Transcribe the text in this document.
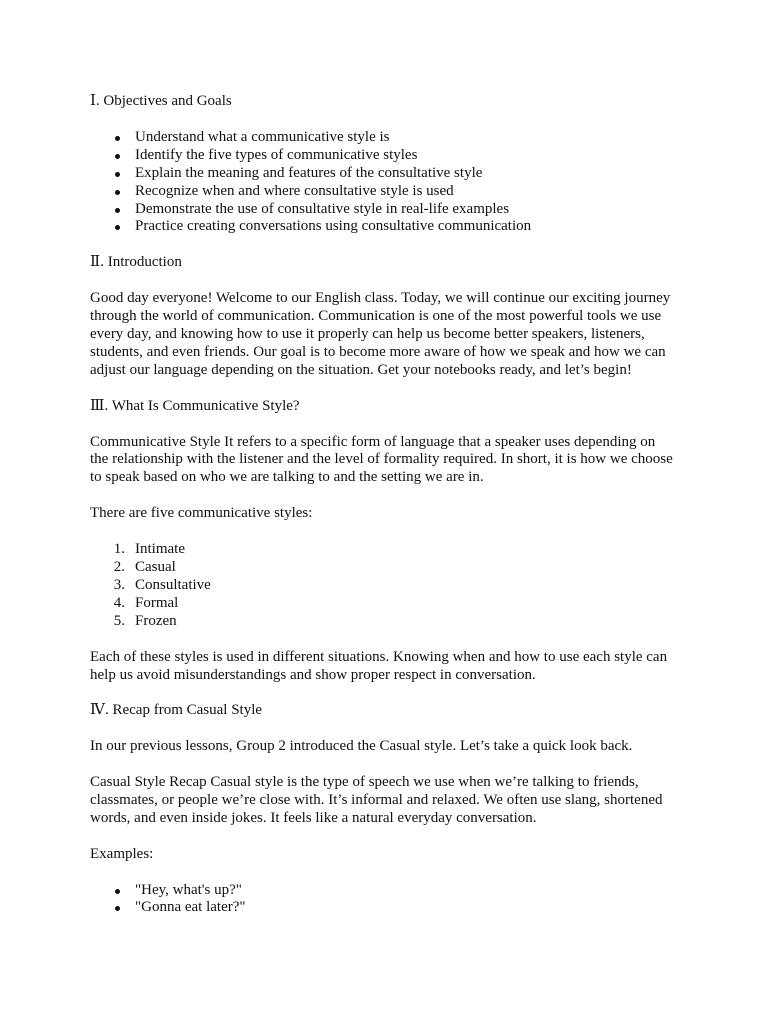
Ⅰ. Objectives and Goals
Understand what a communicative style is
Identify the five types of communicative styles
Explain the meaning and features of the consultative style
Recognize when and where consultative style is used
Demonstrate the use of consultative style in real-life examples
Practice creating conversations using consultative communication
Ⅱ. Introduction
Good day everyone! Welcome to our English class. Today, we will continue our exciting journey
through the world of communication. Communication is one of the most powerful tools we use
every day, and knowing how to use it properly can help us become better speakers, listeners,
students, and even friends. Our goal is to become more aware of how we speak and how we can
adjust our language depending on the situation. Get your notebooks ready, and let’s begin!
Ⅲ. What Is Communicative Style?
Communicative Style It refers to a specific form of language that a speaker uses depending on
the relationship with the listener and the level of formality required. In short, it is how we choose
to speak based on who we are talking to and the setting we are in.
There are five communicative styles:
1. Intimate
2. Casual
3. Consultative
4. Formal
5. Frozen
Each of these styles is used in different situations. Knowing when and how to use each style can
help us avoid misunderstandings and show proper respect in conversation.
Ⅳ. Recap from Casual Style
In our previous lessons, Group 2 introduced the Casual style. Let’s take a quick look back.
Casual Style Recap Casual style is the type of speech we use when we’re talking to friends,
classmates, or people we’re close with. It’s informal and relaxed. We often use slang, shortened
words, and even inside jokes. It feels like a natural everyday conversation.
Examples:
"Hey, what's up?"
"Gonna eat later?"
